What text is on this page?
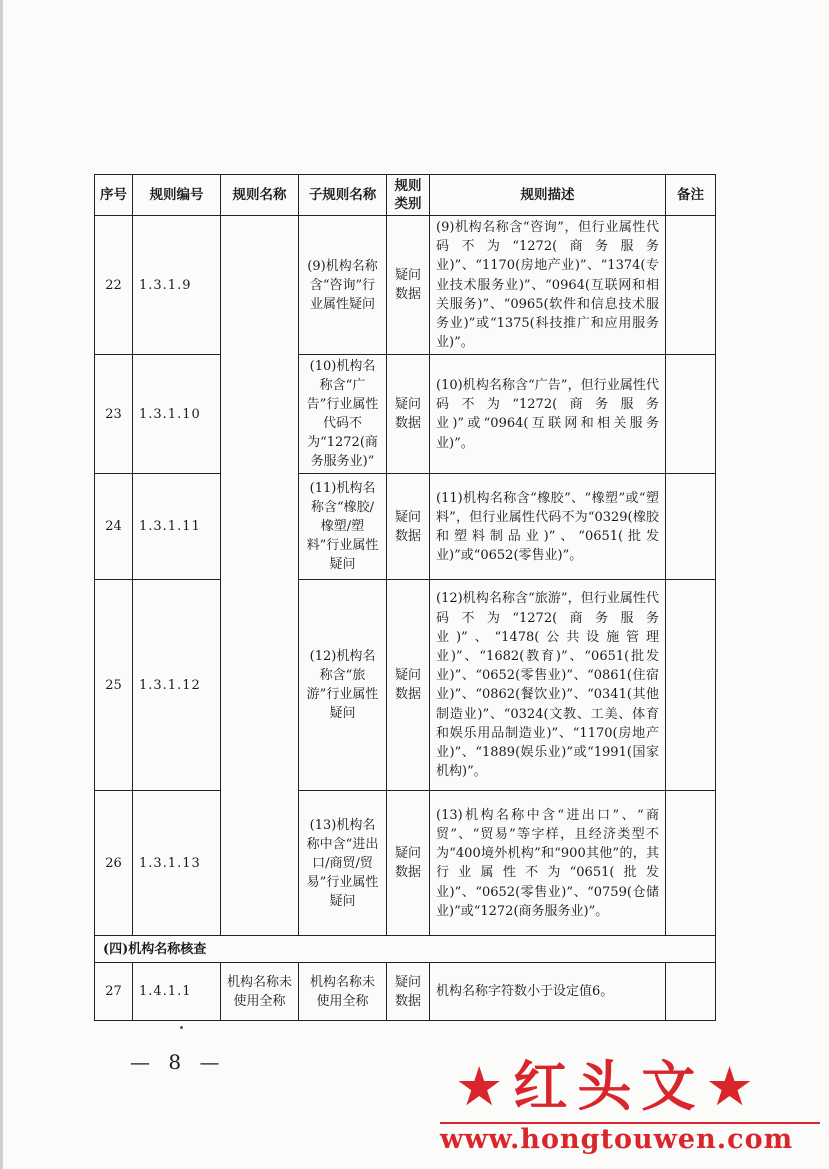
序号	规则编号	规则名称	子规则名称	规则类别	规则描述	备注
22	1.3.1.9		(9)机构名称含“咨询”行业属性疑问	疑问数据	(9)机构名称含“咨询”，但行业属性代码不为“1272(商务服务业)”、“1170(房地产业)”、“1374(专业技术服务业)”、“0964(互联网和相关服务)”、“0965(软件和信息技术服务业)”或“1375(科技推广和应用服务业)”。	
23	1.3.1.10		(10)机构名称含“广告”行业属性代码不为“1272(商务服务业)”	疑问数据	(10)机构名称含“广告”，但行业属性代码不为“1272(商务服务业)”或“0964(互联网和相关服务业)”。	
24	1.3.1.11		(11)机构名称含“橡胶/橡塑/塑料”行业属性疑问	疑问数据	(11)机构名称含“橡胶”、“橡塑”或“塑料”，但行业属性代码不为“0329(橡胶和塑料制品业)”、“0651(批发业)”或“0652(零售业)”。	
25	1.3.1.12		(12)机构名称含“旅游”行业属性疑问	疑问数据	(12)机构名称含“旅游”，但行业属性代码不为“1272(商务服务业)”、“1478(公共设施管理业)”、“1682(教育)”、“0651(批发业)”、“0652(零售业)”、“0861(住宿业)”、“0862(餐饮业)”、“0341(其他制造业)”、“0324(文教、工美、体育和娱乐用品制造业)”、“1170(房地产业)”、“1889(娱乐业)”或“1991(国家机构)”。	
26	1.3.1.13		(13)机构名称中含“进出口/商贸/贸易”行业属性疑问	疑问数据	(13)机构名称中含“进出口”、“商贸”、“贸易”等字样，且经济类型不为“400境外机构”和“900其他”的，其行业属性不为“0651(批发业)”、“0652(零售业)”、“0759(仓储业)”或“1272(商务服务业)”。	
(四)机构名称核查						
27	1.4.1.1	机构名称未使用全称	机构名称未使用全称	疑问数据	机构名称字符数小于设定值6。	
— 8 —	★红头文★
www.hongtouwen.com
